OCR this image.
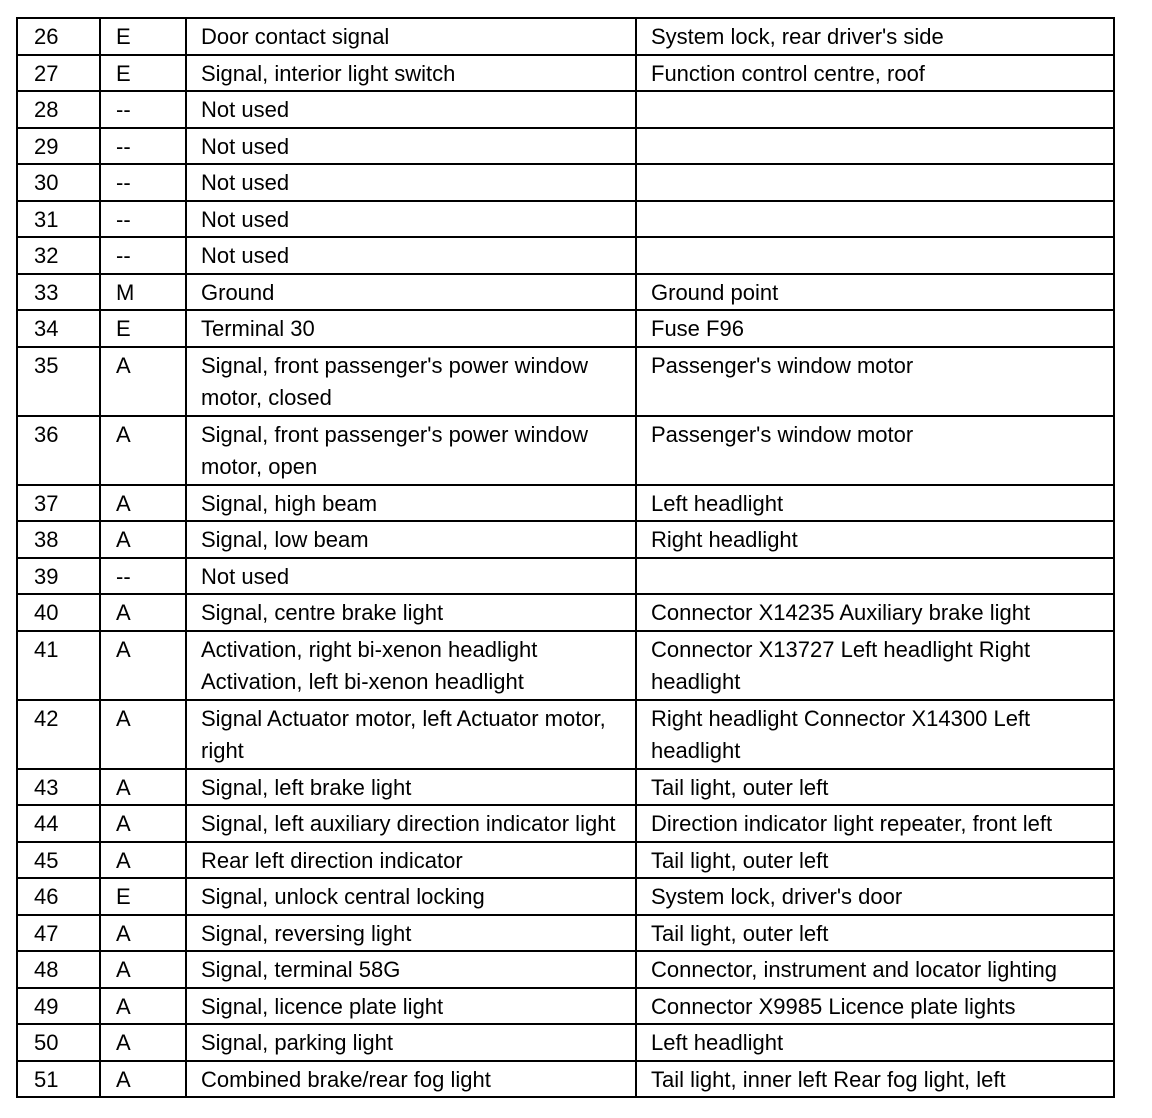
26	E	Door contact signal	System lock, rear driver's side
27	E	Signal, interior light switch	Function control centre, roof
28	--	Not used	
29	--	Not used	
30	--	Not used	
31	--	Not used	
32	--	Not used	
33	M	Ground	Ground point
34	E	Terminal 30	Fuse F96
35	A	Signal, front passenger's power window motor, closed	Passenger's window motor
36	A	Signal, front passenger's power window motor, open	Passenger's window motor
37	A	Signal, high beam	Left headlight
38	A	Signal, low beam	Right headlight
39	--	Not used	
40	A	Signal, centre brake light	Connector X14235 Auxiliary brake light
41	A	Activation, right bi-xenon headlight Activation, left bi-xenon headlight	Connector X13727 Left headlight Right headlight
42	A	Signal Actuator motor, left Actuator motor, right	Right headlight Connector X14300 Left headlight
43	A	Signal, left brake light	Tail light, outer left
44	A	Signal, left auxiliary direction indicator light	Direction indicator light repeater, front left
45	A	Rear left direction indicator	Tail light, outer left
46	E	Signal, unlock central locking	System lock, driver's door
47	A	Signal, reversing light	Tail light, outer left
48	A	Signal, terminal 58G	Connector, instrument and locator lighting
49	A	Signal, licence plate light	Connector X9985 Licence plate lights
50	A	Signal, parking light	Left headlight
51	A	Combined brake/rear fog light	Tail light, inner left Rear fog light, left
